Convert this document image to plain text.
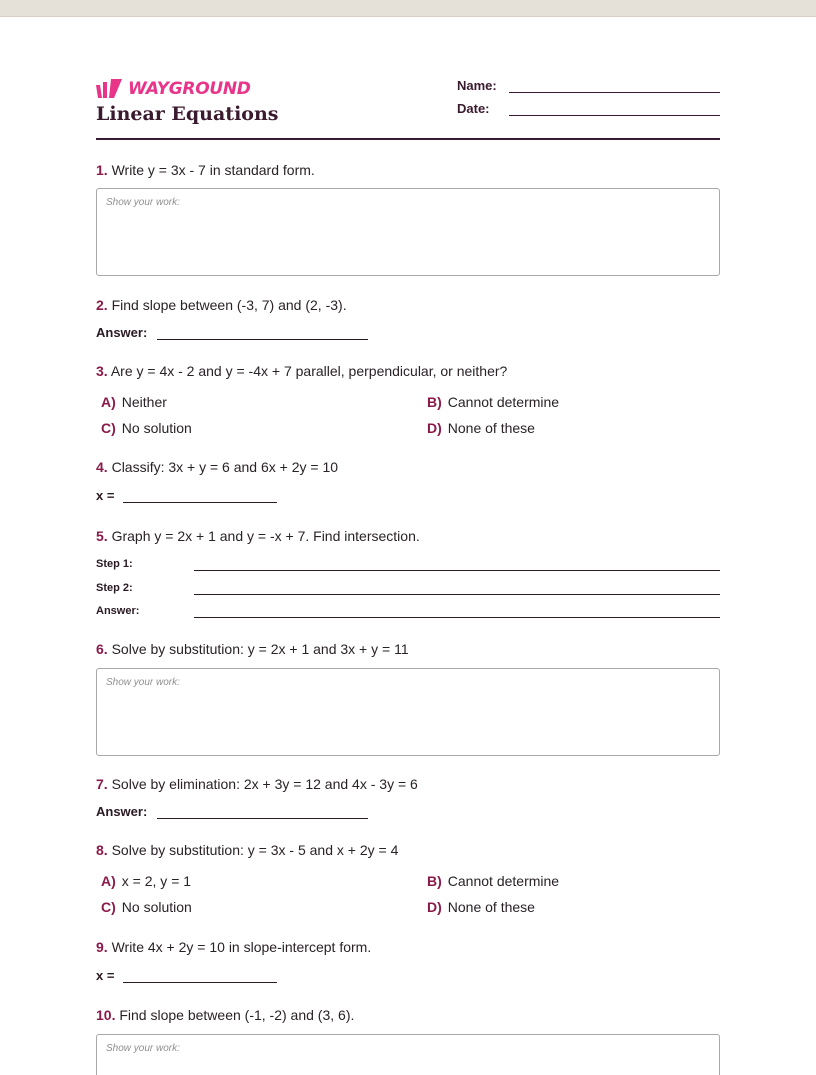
WAYGROUND
Linear Equations
Name:
Date:
1. Write y = 3x - 7 in standard form.
Show your work:
2. Find slope between (-3, 7) and (2, -3).
Answer:
3. Are y = 4x - 2 and y = -4x + 7 parallel, perpendicular, or neither?
A) Neither	B) Cannot determine
C) No solution	D) None of these
4. Classify: 3x + y = 6 and 6x + 2y = 10
x =
5. Graph y = 2x + 1 and y = -x + 7. Find intersection.
Step 1:
Step 2:
Answer:
6. Solve by substitution: y = 2x + 1 and 3x + y = 11
Show your work:
7. Solve by elimination: 2x + 3y = 12 and 4x - 3y = 6
Answer:
8. Solve by substitution: y = 3x - 5 and x + 2y = 4
A) x = 2, y = 1	B) Cannot determine
C) No solution	D) None of these
9. Write 4x + 2y = 10 in slope-intercept form.
x =
10. Find slope between (-1, -2) and (3, 6).
Show your work:
